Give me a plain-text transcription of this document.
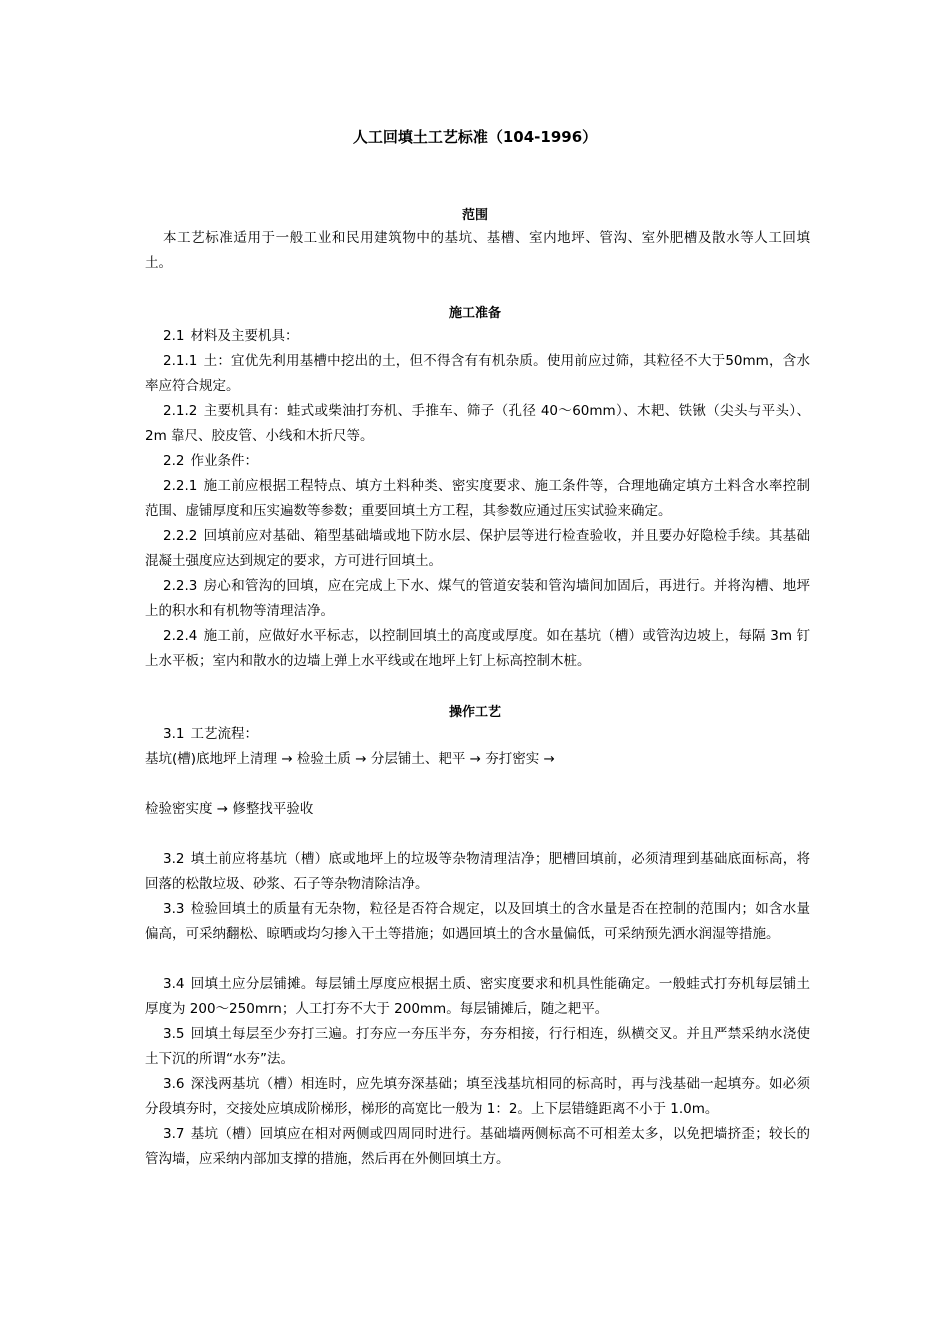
人工回填土工艺标准（104-1996）
范围

本工艺标准适用于一般工业和民用建筑物中的基坑、基槽、室内地坪、管沟、室外肥槽及散水等人工回填土。

施工准备

2.1 材料及主要机具：

2.1.1 土：宜优先利用基槽中挖出的土，但不得含有有机杂质。使用前应过筛，其粒径不大于50mm，含水率应符合规定。

2.1.2 主要机具有：蛙式或柴油打夯机、手推车、筛子（孔径 40～60mm）、木耙、铁锹（尖头与平头）、2m 靠尺、胶皮管、小线和木折尺等。

2.2 作业条件：

2.2.1 施工前应根据工程特点、填方土料种类、密实度要求、施工条件等，合理地确定填方土料含水率控制范围、虚铺厚度和压实遍数等参数；重要回填土方工程，其参数应通过压实试验来确定。

2.2.2 回填前应对基础、箱型基础墙或地下防水层、保护层等进行检查验收，并且要办好隐检手续。其基础混凝土强度应达到规定的要求，方可进行回填土。

2.2.3 房心和管沟的回填，应在完成上下水、煤气的管道安装和管沟墙间加固后，再进行。并将沟槽、地坪上的积水和有机物等清理洁净。

2.2.4 施工前，应做好水平标志，以控制回填土的高度或厚度。如在基坑（槽）或管沟边坡上，每隔 3m 钉上水平板；室内和散水的边墙上弹上水平线或在地坪上钉上标高控制木桩。

操作工艺

3.1 工艺流程：

基坑(槽)底地坪上清理 → 检验土质 → 分层铺土、耙平 → 夯打密实 →

检验密实度 → 修整找平验收

3.2 填土前应将基坑（槽）底或地坪上的垃圾等杂物清理洁净；肥槽回填前，必须清理到基础底面标高，将回落的松散垃圾、砂浆、石子等杂物清除洁净。

3.3 检验回填土的质量有无杂物，粒径是否符合规定，以及回填土的含水量是否在控制的范围内；如含水量偏高，可采纳翻松、晾晒或均匀掺入干土等措施；如遇回填土的含水量偏低，可采纳预先洒水润湿等措施。

3.4 回填土应分层铺摊。每层铺土厚度应根据土质、密实度要求和机具性能确定。一般蛙式打夯机每层铺土厚度为 200～250mrn；人工打夯不大于 200mm。每层铺摊后，随之耙平。

3.5 回填土每层至少夯打三遍。打夯应一夯压半夯，夯夯相接，行行相连，纵横交叉。并且严禁采纳水浇使土下沉的所谓“水夯”法。

3.6 深浅两基坑（槽）相连时，应先填夯深基础；填至浅基坑相同的标高时，再与浅基础一起填夯。如必须分段填夯时，交接处应填成阶梯形，梯形的高宽比一般为 1：2。上下层错缝距离不小于 1.0m。

3.7 基坑（槽）回填应在相对两侧或四周同时进行。基础墙两侧标高不可相差太多，以免把墙挤歪；较长的管沟墙，应采纳内部加支撑的措施，然后再在外侧回填土方。
